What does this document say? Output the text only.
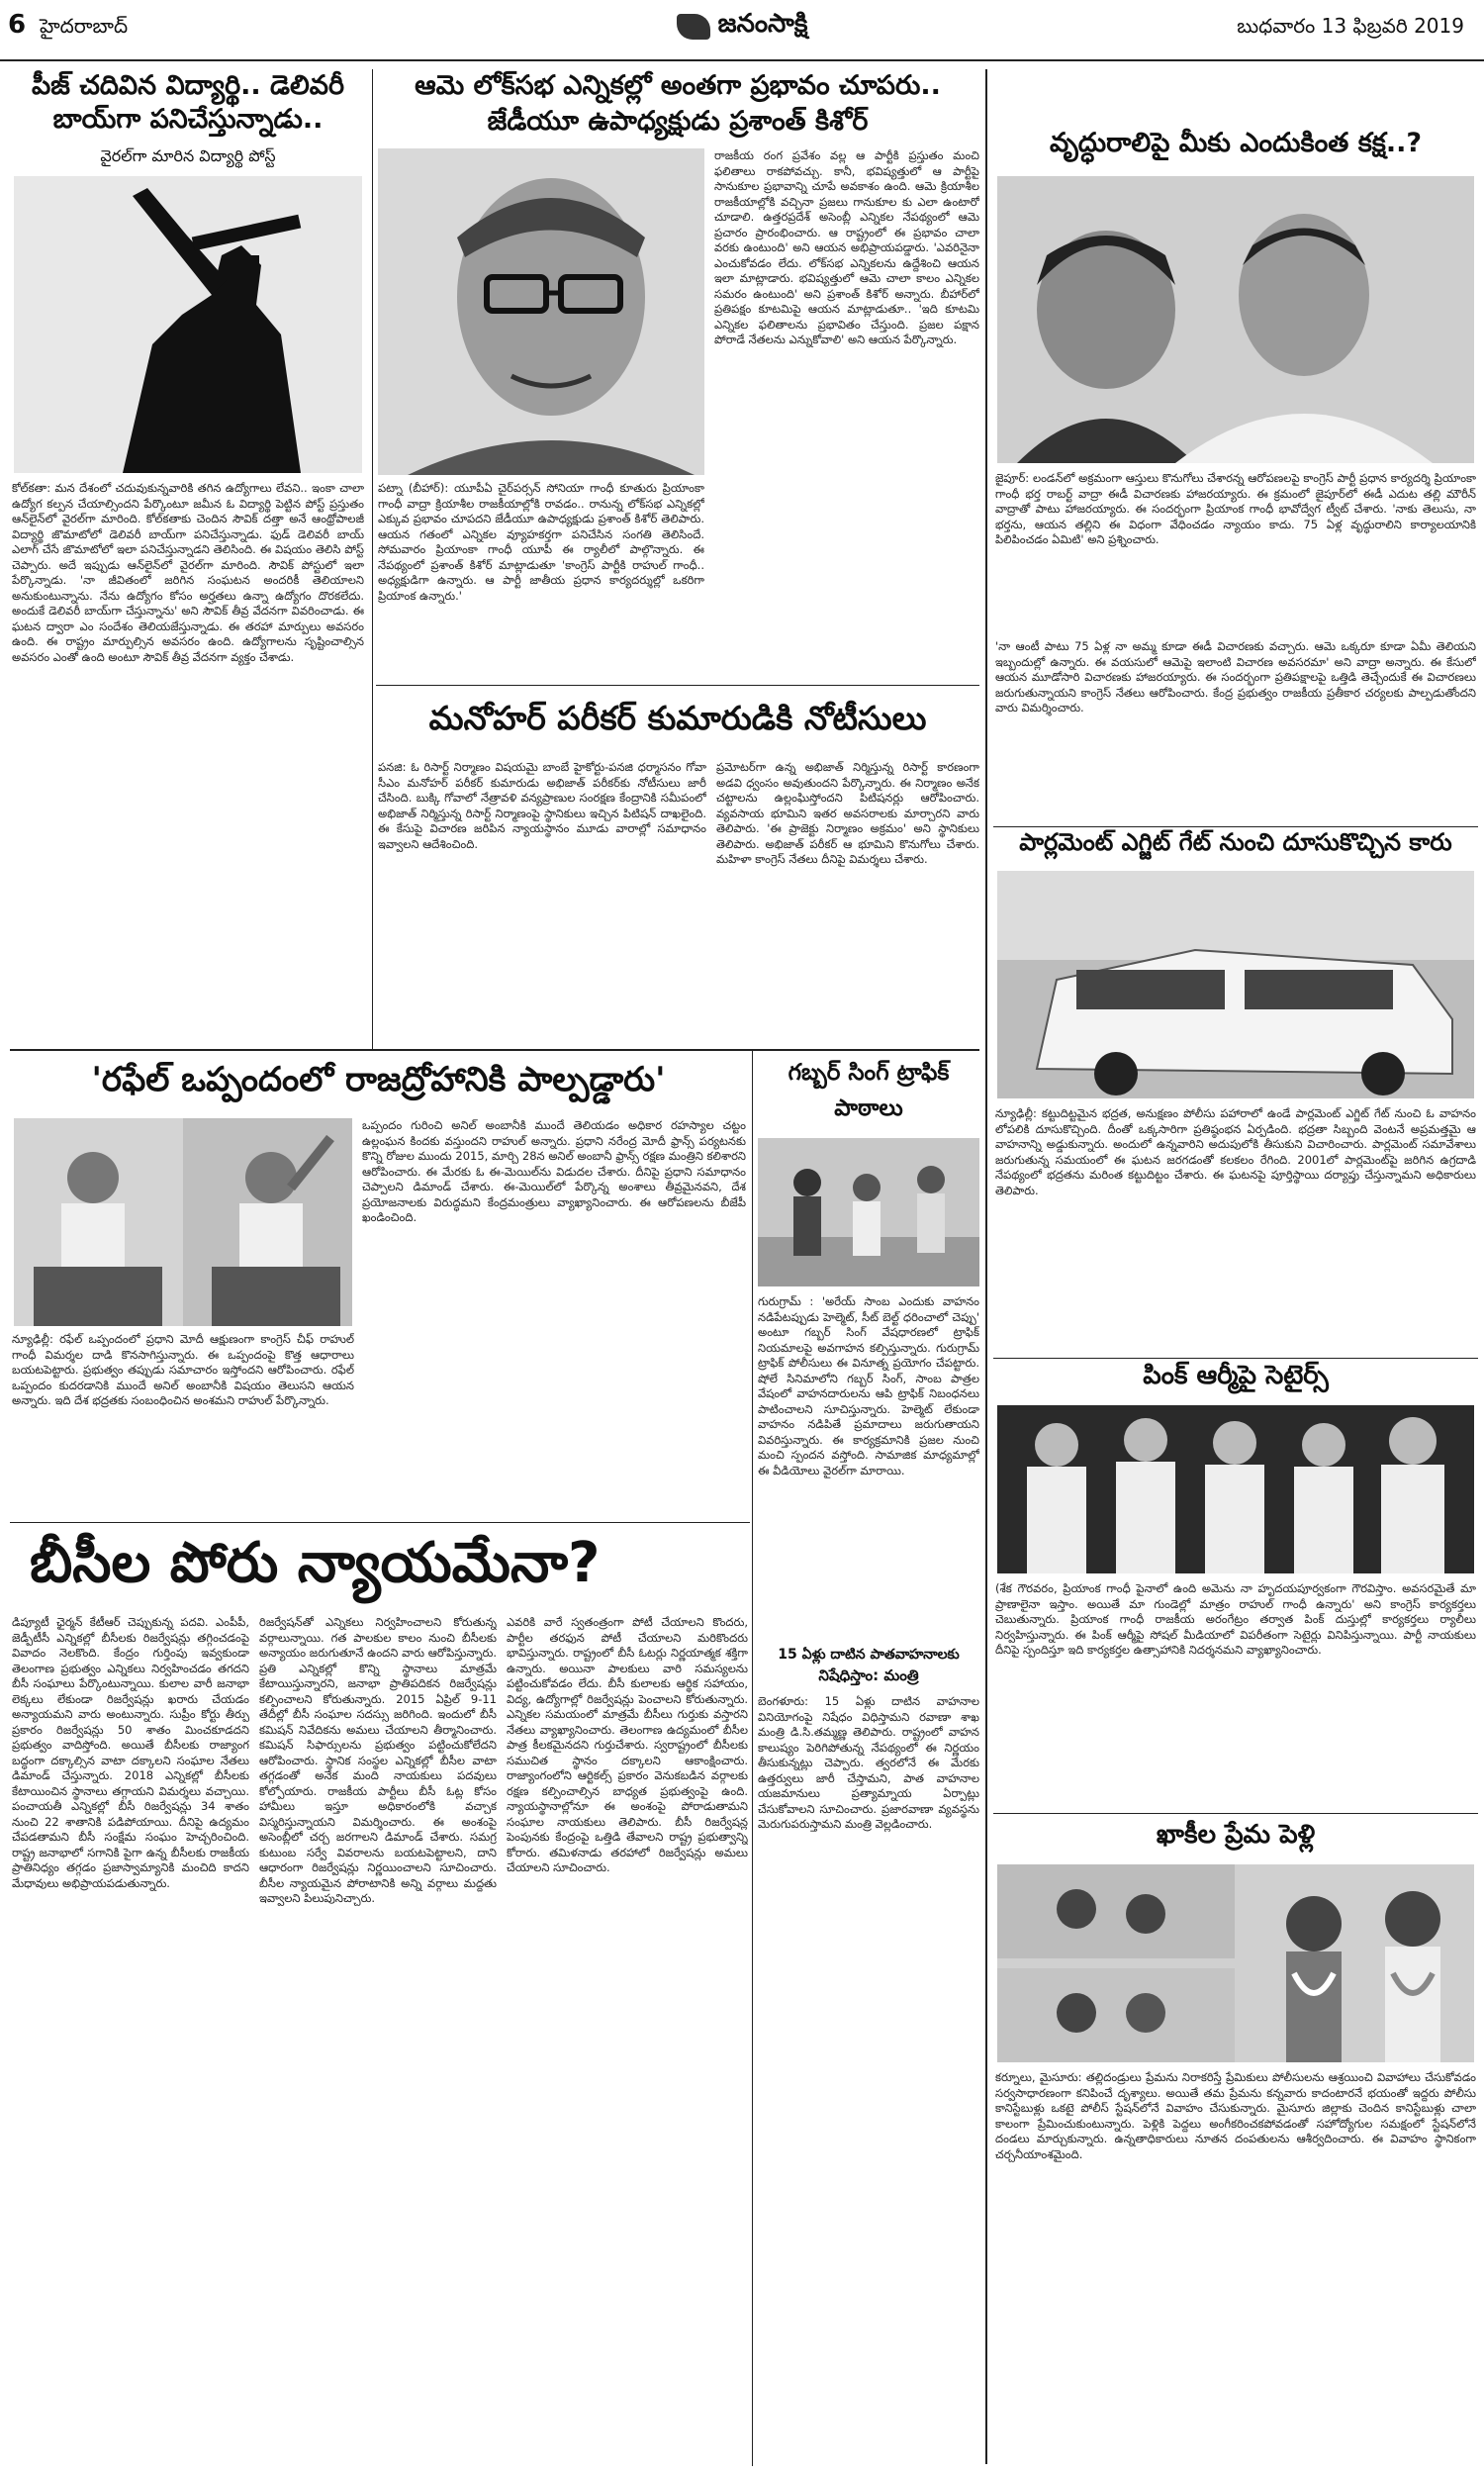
6 హైదరాబాద్	జనంసాక్షి	బుధవారం 13 ఫిబ్రవరి 2019
పీజ్ చదివిన విద్యార్థి.. డెలివరీ బాయ్‌గా పనిచేస్తున్నాడు..
వైరల్‌గా మారిన విద్యార్థి పోస్ట్

కోల్‌కతా: మన దేశంలో చదువుకున్నవారికి తగిన ఉద్యోగాలు లేవని.. ఇంకా చాలా ఉద్యోగ కల్పన చేయాల్సిందని పేర్కొంటూ జమీన ఓ విద్యార్థి పెట్టిన పోస్ట్ ప్రస్తుతం ఆన్‌లైన్‌లో వైరల్‌గా మారింది. కోల్‌కతాకు చెందిన సౌవిక్ దత్తా అనే ఆంథ్రోపాలజీ విద్యార్థి జొమాటోలో డెలివరీ బాయ్‌గా పనిచేస్తున్నాడు. ఫుడ్ డెలివరీ బాయ్ ఎలాగ్ చేసే జొమాటోలో ఇలా పనిచేస్తున్నాడని తెలిసింది. ఈ విషయం తెలిసి పోస్ట్ చెప్పారు. అదే ఇప్పుడు ఆన్‌లైన్‌లో వైరల్‌గా మారింది. సౌవిక్ పోస్టులో ఇలా పేర్కొన్నాడు. 'నా జీవితంలో జరిగిన సంఘటన అందరికీ తెలియాలని అనుకుంటున్నాను. నేను ఉద్యోగం కోసం అర్హతలు ఉన్నా ఉద్యోగం దొరకలేదు. అందుకే డెలివరీ బాయ్‌గా చేస్తున్నాను' అని సౌవిక్ తీవ్ర వేదనగా వివరించాడు. ఈ ఘటన ద్వారా ఎం సందేశం తెలియజేస్తున్నాడు. ఈ తరహా మార్పులు అవసరం ఉంది. ఈ రాష్ట్రం మార్పుల్సిన అవసరం ఉంది. ఉద్యోగాలను సృష్టించాల్సిన అవసరం ఎంతో ఉంది అంటూ సౌవిక్ తీవ్ర వేదనగా వ్యక్తం చేశాడు.

ఆమె లోక్‌సభ ఎన్నికల్లో అంతగా ప్రభావం చూపరు..
జేడీయూ ఉపాధ్యక్షుడు ప్రశాంత్ కిశోర్

పట్నా (బీహార్): యూపీఏ చైర్‌పర్సన్ సోనియా గాంధీ కూతురు ప్రియాంకా గాంధీ వాద్రా క్రియాశీల రాజకీయాల్లోకి రావడం.. రానున్న లోక్‌సభ ఎన్నికల్లో ఎక్కువ ప్రభావం చూపదని జేడీయూ ఉపాధ్యక్షుడు ప్రశాంత్ కిశోర్ తెలిపారు. ఆయన గతంలో ఎన్నికల వ్యూహకర్తగా పనిచేసిన సంగతి తెలిసిందే. సోమవారం ప్రియాంకా గాంధీ యూపీ ఈ ర్యాలీలో పాల్గొన్నారు. ఈ నేపథ్యంలో ప్రశాంత్ కిశోర్ మాట్లాడుతూ 'కాంగ్రెస్ పార్టీకి రాహుల్ గాంధీ.. అధ్యక్షుడిగా ఉన్నారు. ఆ పార్టీ జాతీయ ప్రధాన కార్యదర్శుల్లో ఒకరిగా ప్రియాంక ఉన్నారు.'

రాజకీయ రంగ ప్రవేశం వల్ల ఆ పార్టీకి ప్రస్తుతం మంచి ఫలితాలు రాకపోవచ్చు. కానీ, భవిష్యత్తులో ఆ పార్టీపై సానుకూల ప్రభావాన్ని చూపే అవకాశం ఉంది. ఆమె క్రియాశీల రాజకీయాల్లోకి వచ్చినా ప్రజలు గానుకూల కు ఎలా ఉంటారో చూడాలి. ఉత్తరప్రదేశ్ అసెంబ్లీ ఎన్నికల నేపథ్యంలో ఆమె ప్రచారం ప్రారంభించారు. ఆ రాష్ట్రంలో ఈ ప్రభావం చాలా వరకు ఉంటుంది' అని ఆయన అభిప్రాయపడ్డారు. 'ఎవరినైనా ఎంచుకోవడం లేదు. లోక్‌సభ ఎన్నికలను ఉద్దేశించి ఆయన ఇలా మాట్లాడారు. భవిష్యత్తులో ఆమె చాలా కాలం ఎన్నికల సమరం ఉంటుంది' అని ప్రశాంత్ కిశోర్ అన్నారు. బీహార్‌లో ప్రతిపక్షం కూటమిపై ఆయన మాట్లాడుతూ.. 'ఇది కూటమి ఎన్నికల ఫలితాలను ప్రభావితం చేస్తుంది. ప్రజల పక్షాన పోరాడే నేతలను ఎన్నుకోవాలి' అని ఆయన పేర్కొన్నారు.

మనోహర్ పరీకర్ కుమారుడికి నోటీసులు

పనజి: ఓ రిసార్ట్ నిర్మాణం విషయమై బాంబే హైకోర్టు-పనజి ధర్మాసనం గోవా సీఎం మనోహర్ పరీకర్ కుమారుడు అభిజాత్ పరీకర్‌కు నోటీసులు జారీ చేసింది. బుక్కి గోవాలో నేత్రావళి వన్యప్రాణుల సంరక్షణ కేంద్రానికి సమీపంలో అభిజాత్ నిర్మిస్తున్న రిసార్ట్ నిర్మాణంపై స్థానికులు ఇచ్చిన పిటిషన్ దాఖలైంది. ఈ కేసుపై విచారణ జరిపిన న్యాయస్థానం మూడు వారాల్లో సమాధానం ఇవ్వాలని ఆదేశించింది.

ప్రమోటర్‌గా ఉన్న అభిజాత్ నిర్మిస్తున్న రిసార్ట్ కారణంగా అడవి ధ్వంసం అవుతుందని పేర్కొన్నారు. ఈ నిర్మాణం అనేక చట్టాలను ఉల్లంఘిస్తోందని పిటిషనర్లు ఆరోపించారు. వ్యవసాయ భూమిని ఇతర అవసరాలకు మార్చారని వారు తెలిపారు. 'ఈ ప్రాజెక్టు నిర్మాణం అక్రమం' అని స్థానికులు తెలిపారు. అభిజాత్ పరీకర్ ఆ భూమిని కొనుగోలు చేశారు. మహిళా కాంగ్రెస్ నేతలు దీనిపై విమర్శలు చేశారు.

వృద్ధురాలిపై మీకు ఎందుకింత కక్ష..?

జైపూర్: లండన్‌లో అక్రమంగా ఆస్తులు కొనుగోలు చేశారన్న ఆరోపణలపై కాంగ్రెస్ పార్టీ ప్రధాన కార్యదర్శి ప్రియాంకా గాంధీ భర్త రాబర్ట్ వాద్రా ఈడీ విచారణకు హాజరయ్యారు. ఈ క్రమంలో జైపూర్‌లో ఈడీ ఎదుట తల్లి మౌరీన్ వాద్రాతో పాటు హాజరయ్యారు. ఈ సందర్భంగా ప్రియాంక గాంధీ భావోద్వేగ ట్వీట్ చేశారు. 'నాకు తెలుసు, నా భర్తను, ఆయన తల్లిని ఈ విధంగా వేధించడం న్యాయం కాదు. 75 ఏళ్ల వృద్ధురాలిని కార్యాలయానికి పిలిపించడం ఏమిటి' అని ప్రశ్నించారు.

'నా ఆంటీ పాటు 75 ఏళ్ల నా అమ్మ కూడా ఈడీ విచారణకు వచ్చారు. ఆమె ఒక్కరూ కూడా ఏమీ తెలియని ఇబ్బందుల్లో ఉన్నారు. ఈ వయసులో ఆమెపై ఇలాంటి విచారణ అవసరమా' అని వాద్రా అన్నారు. ఈ కేసులో ఆయన మూడోసారి విచారణకు హాజరయ్యారు. ఈ సందర్భంగా ప్రతిపక్షాలపై ఒత్తిడి తెచ్చేందుకే ఈ విచారణలు జరుగుతున్నాయని కాంగ్రెస్ నేతలు ఆరోపించారు. కేంద్ర ప్రభుత్వం రాజకీయ ప్రతీకార చర్యలకు పాల్పడుతోందని వారు విమర్శించారు.

పార్లమెంట్ ఎగ్జిట్ గేట్ నుంచి దూసుకొచ్చిన కారు

న్యూఢిల్లీ: కట్టుదిట్టమైన భద్రత, అనుక్షణం పోలీసు పహారాలో ఉండే పార్లమెంట్ ఎగ్జిట్ గేట్ నుంచి ఓ వాహనం లోపలికి దూసుకొచ్చింది. దీంతో ఒక్కసారిగా ప్రతిష్ఠంభన ఏర్పడింది. భద్రతా సిబ్బంది వెంటనే అప్రమత్తమై ఆ వాహనాన్ని అడ్డుకున్నారు. అందులో ఉన్నవారిని అదుపులోకి తీసుకుని విచారించారు. పార్లమెంట్ సమావేశాలు జరుగుతున్న సమయంలో ఈ ఘటన జరగడంతో కలకలం రేగింది. 2001లో పార్లమెంట్‌పై జరిగిన ఉగ్రదాడి నేపథ్యంలో భద్రతను మరింత కట్టుదిట్టం చేశారు. ఈ ఘటనపై పూర్తిస్థాయి దర్యాప్తు చేస్తున్నామని అధికారులు తెలిపారు.

పింక్ ఆర్మీపై సెటైర్స్

(శేక గౌరవరం, ప్రియాంక గాంధీ పైనాలో ఉంది అమెను నా హృదయపూర్వకంగా గౌరవిస్తాం. అవసరమైతే మా ప్రాణాలైనా ఇస్తాం. అయితే మా గుండెల్లో మాత్రం రాహుల్ గాంధీ ఉన్నారు' అని కాంగ్రెస్ కార్యకర్తలు చెబుతున్నారు. ప్రియాంక గాంధీ రాజకీయ అరంగేట్రం తర్వాత పింక్ దుస్తుల్లో కార్యకర్తలు ర్యాలీలు నిర్వహిస్తున్నారు. ఈ పింక్ ఆర్మీపై సోషల్ మీడియాలో విపరీతంగా సెటైర్లు వినిపిస్తున్నాయి. పార్టీ నాయకులు దీనిపై స్పందిస్తూ ఇది కార్యకర్తల ఉత్సాహానికి నిదర్శనమని వ్యాఖ్యానించారు.

'రఫేల్ ఒప్పందంలో రాజద్రోహానికి పాల్పడ్డారు'

న్యూఢిల్లీ: రఫేల్ ఒప్పందంలో ప్రధాని మోదీ ఆక్షుణంగా కాంగ్రెస్ చీఫ్ రాహుల్ గాంధీ విమర్శల దాడి కొనసాగిస్తున్నారు. ఈ ఒప్పందంపై కొత్త ఆధారాలు బయటపెట్టారు. ప్రభుత్వం తప్పుడు సమాచారం ఇస్తోందని ఆరోపించారు. రఫేల్ ఒప్పందం కుదరడానికి ముందే అనిల్ అంబానీకి విషయం తెలుసని ఆయన అన్నారు. ఇది దేశ భద్రతకు సంబంధించిన అంశమని రాహుల్ పేర్కొన్నారు.

ఒప్పందం గురించి అనిల్ అంబానీకి ముందే తెలియడం అధికార రహస్యాల చట్టం ఉల్లంఘన కిందకు వస్తుందని రాహుల్ అన్నారు. ప్రధాని నరేంద్ర మోదీ ఫ్రాన్స్ పర్యటనకు కొన్ని రోజుల ముందు 2015, మార్చి 28న అనిల్ అంబానీ ఫ్రాన్స్ రక్షణ మంత్రిని కలిశారని ఆరోపించారు. ఈ మేరకు ఓ ఈ-మెయిల్‌ను విడుదల చేశారు. దీనిపై ప్రధాని సమాధానం చెప్పాలని డిమాండ్ చేశారు. ఈ-మెయిల్‌లో పేర్కొన్న అంశాలు తీవ్రమైనవని, దేశ ప్రయోజనాలకు విరుద్ధమని కేంద్రమంత్రులు వ్యాఖ్యానించారు. ఈ ఆరోపణలను బీజేపీ ఖండించింది.

గబ్బర్ సింగ్ ట్రాఫిక్
పాఠాలు

గురుగ్రామ్ : 'అరేయ్ సాంబ ఎందుకు వాహనం నడిపేటప్పుడు హెల్మెట్, సీట్ బెల్ట్ ధరించాలో చెప్పు' అంటూ గబ్బర్ సింగ్ వేషధారణలో ట్రాఫిక్ నియమాలపై అవగాహన కల్పిస్తున్నారు. గురుగ్రామ్ ట్రాఫిక్ పోలీసులు ఈ వినూత్న ప్రయోగం చేపట్టారు. షోలే సినిమాలోని గబ్బర్ సింగ్, సాంబ పాత్రల వేషంలో వాహనదారులను ఆపి ట్రాఫిక్ నిబంధనలు పాటించాలని సూచిస్తున్నారు. హెల్మెట్ లేకుండా వాహనం నడిపితే ప్రమాదాలు జరుగుతాయని వివరిస్తున్నారు. ఈ కార్యక్రమానికి ప్రజల నుంచి మంచి స్పందన వస్తోంది. సామాజిక మాధ్యమాల్లో ఈ వీడియోలు వైరల్‌గా మారాయి.

15 ఏళ్లు దాటిన పాతవాహనాలకు
నిషేధిస్తాం: మంత్రి

బెంగళూరు: 15 ఏళ్లు దాటిన వాహనాల వినియోగంపై నిషేధం విధిస్తామని రవాణా శాఖ మంత్రి డి.సి.తమ్మణ్ణ తెలిపారు. రాష్ట్రంలో వాహన కాలుష్యం పెరిగిపోతున్న నేపథ్యంలో ఈ నిర్ణయం తీసుకున్నట్లు చెప్పారు. త్వరలోనే ఈ మేరకు ఉత్తర్వులు జారీ చేస్తామని, పాత వాహనాల యజమానులు ప్రత్యామ్నాయ ఏర్పాట్లు చేసుకోవాలని సూచించారు. ప్రజారవాణా వ్యవస్థను మెరుగుపరుస్తామని మంత్రి వెల్లడించారు.

బీసీల పోరు న్యాయమేనా?

డిప్యూటీ ఛైర్మన్ కేటీఆర్ చెప్పుకున్న పదవి. ఎంపీపీ, జెడ్పీటీసీ ఎన్నికల్లో బీసీలకు రిజర్వేషన్లు తగ్గించడంపై వివాదం నెలకొంది. కేంద్రం గుర్తింపు ఇవ్వకుండా తెలంగాణ ప్రభుత్వం ఎన్నికలు నిర్వహించడం తగదని బీసీ సంఘాలు పేర్కొంటున్నాయి. కులాల వారీ జనాభా లెక్కలు లేకుండా రిజర్వేషన్లు ఖరారు చేయడం అన్యాయమని వారు అంటున్నారు. సుప్రీం కోర్టు తీర్పు ప్రకారం రిజర్వేషన్లు 50 శాతం మించకూడదని ప్రభుత్వం వాదిస్తోంది. అయితే బీసీలకు రాజ్యాంగ బద్ధంగా దక్కాల్సిన వాటా దక్కాలని సంఘాల నేతలు డిమాండ్ చేస్తున్నారు. 2018 ఎన్నికల్లో బీసీలకు కేటాయించిన స్థానాలు తగ్గాయని విమర్శలు వచ్చాయి. పంచాయతీ ఎన్నికల్లో బీసీ రిజర్వేషన్లు 34 శాతం నుంచి 22 శాతానికి పడిపోయాయి. దీనిపై ఉద్యమం చేపడతామని బీసీ సంక్షేమ సంఘం హెచ్చరించింది. రాష్ట్ర జనాభాలో సగానికి పైగా ఉన్న బీసీలకు రాజకీయ ప్రాతినిధ్యం తగ్గడం ప్రజాస్వామ్యానికి మంచిది కాదని మేధావులు అభిప్రాయపడుతున్నారు.

రిజర్వేషన్‌తో ఎన్నికలు నిర్వహించాలని కోరుతున్న వర్గాలున్నాయి. గత పాలకుల కాలం నుంచి బీసీలకు అన్యాయం జరుగుతూనే ఉందని వారు ఆరోపిస్తున్నారు. ప్రతి ఎన్నికల్లో కొన్ని స్థానాలు మాత్రమే కేటాయిస్తున్నారని, జనాభా ప్రాతిపదికన రిజర్వేషన్లు కల్పించాలని కోరుతున్నారు. 2015 ఏప్రిల్ 9-11 తేదీల్లో బీసీ సంఘాల సదస్సు జరిగింది. ఇందులో బీసీ కమిషన్ నివేదికను అమలు చేయాలని తీర్మానించారు. కమిషన్ సిఫార్సులను ప్రభుత్వం పట్టించుకోలేదని ఆరోపించారు. స్థానిక సంస్థల ఎన్నికల్లో బీసీల వాటా తగ్గడంతో అనేక మంది నాయకులు పదవులు కోల్పోయారు. రాజకీయ పార్టీలు బీసీ ఓట్ల కోసం హామీలు ఇస్తూ అధికారంలోకి వచ్చాక విస్మరిస్తున్నాయని విమర్శించారు. ఈ అంశంపై అసెంబ్లీలో చర్చ జరగాలని డిమాండ్ చేశారు. సమగ్ర కుటుంబ సర్వే వివరాలను బయటపెట్టాలని, దాని ఆధారంగా రిజర్వేషన్లు నిర్ణయించాలని సూచించారు. బీసీల న్యాయమైన పోరాటానికి అన్ని వర్గాలు మద్దతు ఇవ్వాలని పిలుపునిచ్చారు.

ఎవరికి వారే స్వతంత్రంగా పోటీ చేయాలని కొందరు, పార్టీల తరఫున పోటీ చేయాలని మరికొందరు భావిస్తున్నారు. రాష్ట్రంలో బీసీ ఓటర్లు నిర్ణయాత్మక శక్తిగా ఉన్నారు. అయినా పాలకులు వారి సమస్యలను పట్టించుకోవడం లేదు. బీసీ కులాలకు ఆర్థిక సహాయం, విద్య, ఉద్యోగాల్లో రిజర్వేషన్లు పెంచాలని కోరుతున్నారు. ఎన్నికల సమయంలో మాత్రమే బీసీలు గుర్తుకు వస్తారని నేతలు వ్యాఖ్యానించారు. తెలంగాణ ఉద్యమంలో బీసీల పాత్ర కీలకమైనదని గుర్తుచేశారు. స్వరాష్ట్రంలో బీసీలకు సముచిత స్థానం దక్కాలని ఆకాంక్షించారు. రాజ్యాంగంలోని ఆర్టికల్స్ ప్రకారం వెనుకబడిన వర్గాలకు రక్షణ కల్పించాల్సిన బాధ్యత ప్రభుత్వంపై ఉంది. న్యాయస్థానాల్లోనూ ఈ అంశంపై పోరాడుతామని సంఘాల నాయకులు తెలిపారు. బీసీ రిజర్వేషన్ల పెంపునకు కేంద్రంపై ఒత్తిడి తేవాలని రాష్ట్ర ప్రభుత్వాన్ని కోరారు. తమిళనాడు తరహాలో రిజర్వేషన్లు అమలు చేయాలని సూచించారు.

ఖాకీల ప్రేమ పెళ్లి

కర్నూలు, మైసూరు: తల్లిదండ్రులు ప్రేమను నిరాకరిస్తే ప్రేమికులు పోలీసులను ఆశ్రయించి వివాహాలు చేసుకోవడం సర్వసాధారణంగా కనిపించే దృశ్యాలు. అయితే తమ ప్రేమను కన్నవారు కాదంటారనే భయంతో ఇద్దరు పోలీసు కానిస్టేబుళ్లు ఒకటై పోలీస్ స్టేషన్‌లోనే వివాహం చేసుకున్నారు. మైసూరు జిల్లాకు చెందిన కానిస్టేబుళ్లు చాలా కాలంగా ప్రేమించుకుంటున్నారు. పెళ్లికి పెద్దలు అంగీకరించకపోవడంతో సహోద్యోగుల సమక్షంలో స్టేషన్‌లోనే దండలు మార్చుకున్నారు. ఉన్నతాధికారులు నూతన దంపతులను ఆశీర్వదించారు. ఈ వివాహం స్థానికంగా చర్చనీయాంశమైంది.
